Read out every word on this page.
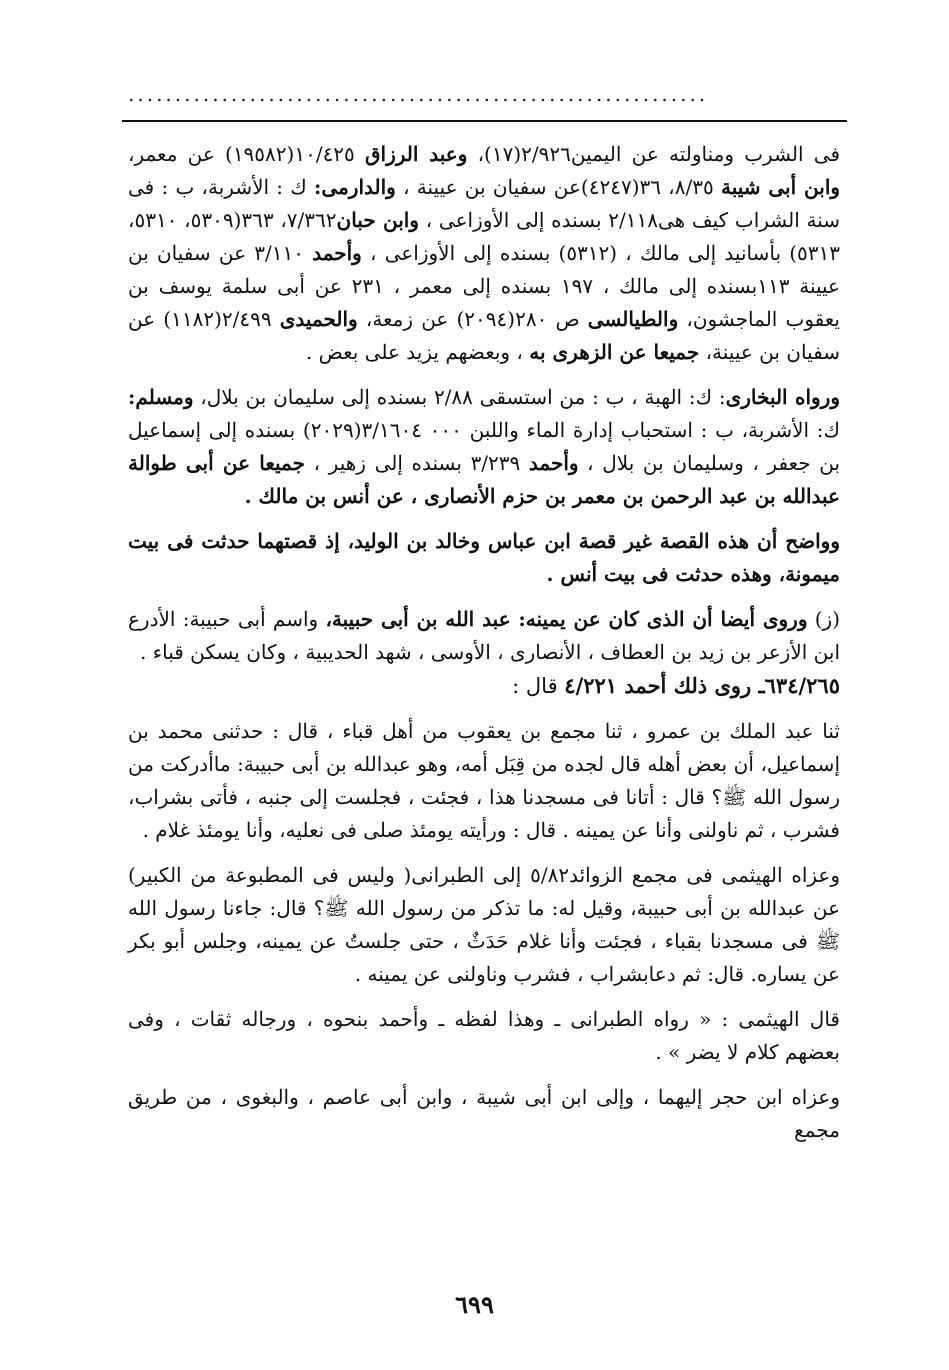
..............................................................

فى الشرب ومناولته عن اليمين٢/٩٢٦(١٧)، وعبد الرزاق ١٠/٤٢٥(١٩٥٨٢) عن معمر، وابن أبى شيبة ٨/٣٥، ٣٦(٤٢٤٧)عن سفيان بن عيينة ، والدارمى: ك : الأشربة، ب : فى سنة الشراب كيف هى٢/١١٨ بسنده إلى الأوزاعى ، وابن حبان٧/٣٦٢، ٣٦٣(٥٣٠٩، ٥٣١٠، ٥٣١٣) بأسانيد إلى مالك ، (٥٣١٢) بسنده إلى الأوزاعى ، وأحمد ٣/١١٠ عن سفيان بن عيينة ١١٣بسنده إلى مالك ، ١٩٧ بسنده إلى معمر ، ٢٣١ عن أبى سلمة يوسف بن يعقوب الماجشون، والطيالسى ص ٢٨٠(٢٠٩٤) عن زمعة، والحميدى ٢/٤٩٩(١١٨٢) عن سفيان بن عيينة، جميعا عن الزهرى به ، وبعضهم يزيد على بعض .

ورواه البخارى: ك: الهبة ، ب : من استسقى ٢/٨٨ بسنده إلى سليمان بن بلال، ومسلم: ك: الأشربة، ب : استحباب إدارة الماء واللبن ٠٠٠ ٣/١٦٠٤(٢٠٢٩) بسنده إلى إسماعيل بن جعفر ، وسليمان بن بلال ، وأحمد ٣/٢٣٩ بسنده إلى زهير ، جميعا عن أبى طوالة عبدالله بن عبد الرحمن بن معمر بن حزم الأنصارى ، عن أنس بن مالك .

وواضح أن هذه القصة غير قصة ابن عباس وخالد بن الوليد، إذ قصتهما حدثت فى بيت ميمونة، وهذه حدثت فى بيت أنس .

(ز) وروى أيضا أن الذى كان عن يمينه: عبد الله بن أبى حبيبة، واسم أبى حبيبة: الأدرع ابن الأزعر بن زيد بن العطاف ، الأنصارى ، الأوسى ، شهد الحديبية ، وكان يسكن قباء .

٦٣٤/٢٦٥ـ روى ذلك أحمد ٤/٢٢١ قال :

ثنا عبد الملك بن عمرو ، ثنا مجمع بن يعقوب من أهل قباء ، قال : حدثنى محمد بن إسماعيل، أن بعض أهله قال لجده من قِبَل أمه، وهو عبدالله بن أبى حبيبة: ماأدركت من رسول الله ﷺ؟ قال : أتانا فى مسجدنا هذا ، فجئت ، فجلست إلى جنبه ، فأتى بشراب، فشرب ، ثم ناولنى وأنا عن يمينه . قال : ورأيته يومئذ صلى فى نعليه، وأنا يومئذ غلام .

وعزاه الهيثمى فى مجمع الزوائد٥/٨٢ إلى الطبرانى( وليس فى المطبوعة من الكبير) عن عبدالله بن أبى حبيبة، وقيل له: ما تذكر من رسول الله ﷺ؟ قال: جاءنا رسول الله ﷺ فى مسجدنا بقباء ، فجئت وأنا غلام حَدَثٌ ، حتى جلستُ عن يمينه، وجلس أبو بكر عن يساره. قال: ثم دعابشراب ، فشرب وناولنى عن يمينه .

قال الهيثمى : « رواه الطبرانى ـ وهذا لفظه ـ وأحمد بنحوه ، ورجاله ثقات ، وفى بعضهم كلام لا يضر » .

وعزاه ابن حجر إليهما ، وإلى ابن أبى شيبة ، وابن أبى عاصم ، والبغوى ، من طريق مجمع

٦٩٩
